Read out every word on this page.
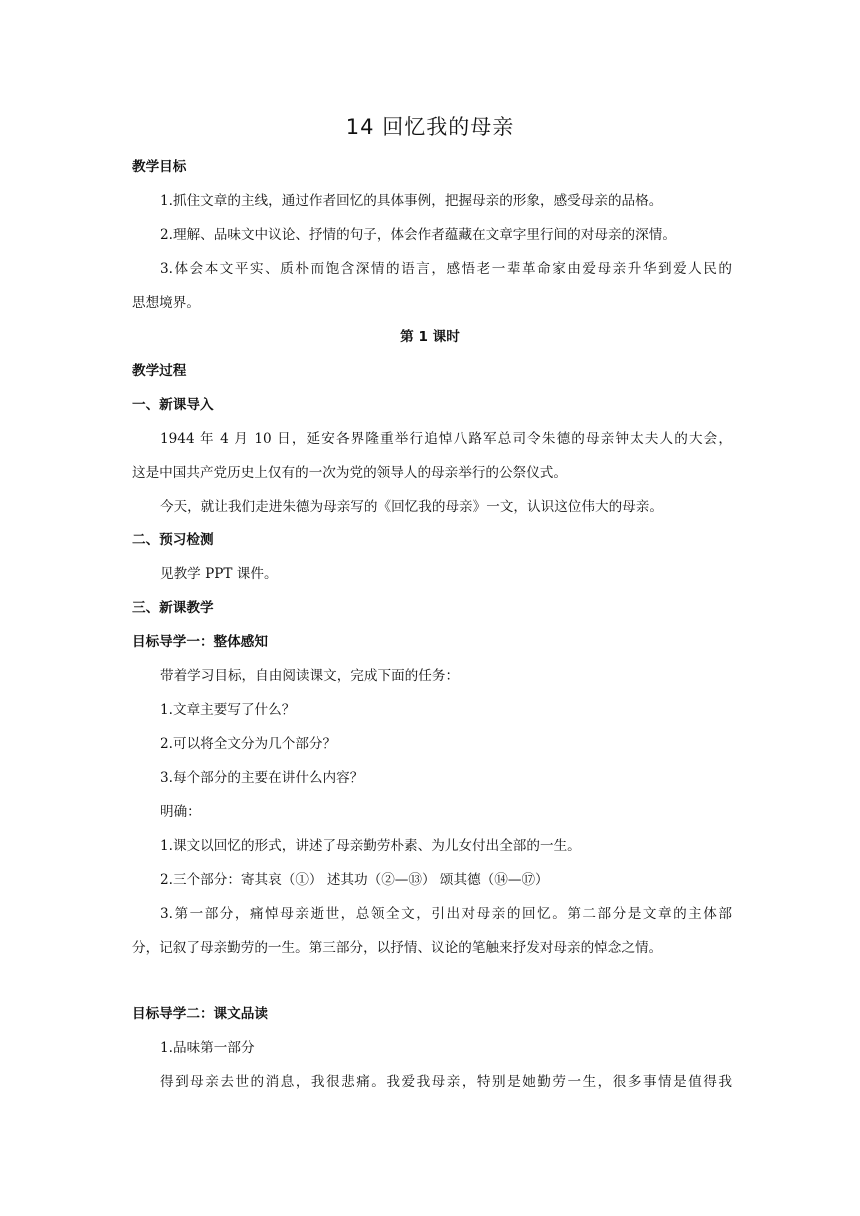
14 回忆我的母亲
教学目标
1.抓住文章的主线，通过作者回忆的具体事例，把握母亲的形象，感受母亲的品格。
2.理解、品味文中议论、抒情的句子，体会作者蕴藏在文章字里行间的对母亲的深情。
3.体会本文平实、质朴而饱含深情的语言，感悟老一辈革命家由爱母亲升华到爱人民的
思想境界。
第 1 课时
教学过程
一、新课导入
1944 年 4 月 10 日，延安各界隆重举行追悼八路军总司令朱德的母亲钟太夫人的大会，
这是中国共产党历史上仅有的一次为党的领导人的母亲举行的公祭仪式。
今天，就让我们走进朱德为母亲写的《回忆我的母亲》一文，认识这位伟大的母亲。
二、预习检测
见教学 PPT 课件。
三、新课教学
目标导学一：整体感知
带着学习目标，自由阅读课文，完成下面的任务：
1.文章主要写了什么？
2.可以将全文分为几个部分？
3.每个部分的主要在讲什么内容？
明确：
1.课文以回忆的形式，讲述了母亲勤劳朴素、为儿女付出全部的一生。
2.三个部分：寄其哀（①） 述其功（②—⑬） 颂其德（⑭—⑰）
3.第一部分，痛悼母亲逝世，总领全文，引出对母亲的回忆。第二部分是文章的主体部
分，记叙了母亲勤劳的一生。第三部分，以抒情、议论的笔触来抒发对母亲的悼念之情。
目标导学二：课文品读
1.品味第一部分
得到母亲去世的消息，我很悲痛。我爱我母亲，特别是她勤劳一生，很多事情是值得我
